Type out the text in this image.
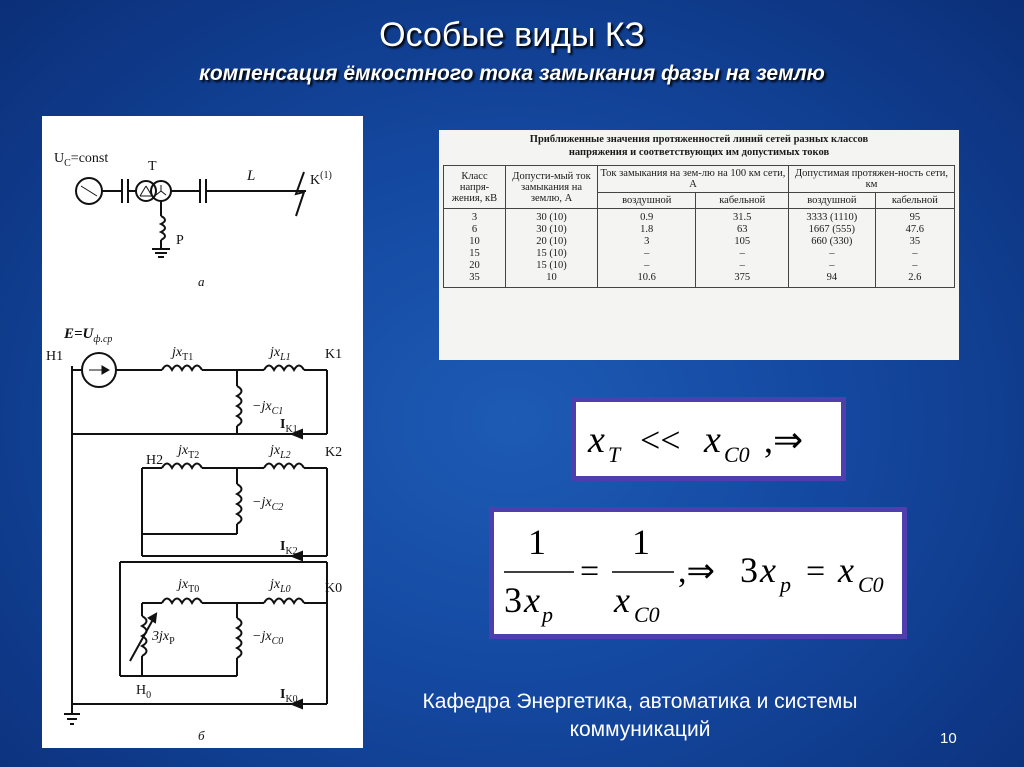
Особые виды КЗ
компенсация ёмкостного тока замыкания фазы на землю
$U_C=const$
T
L	$K^{(1)}$
P
а
$E=U_{ф.ср}$
H1	$jx_{T1}$	$jx_{L1}$ K1
$-jx_{C1}$
$I_{K1}$
H2
$jx_{T2}$	$jx_{L2}$ K2
$-jx_{C2}$
$I_{K2}$
$jx_{T0}$	$jx_{L0}$ K0
$3jx_P$	$-jx_{C0}$
$H_0$	$I_{K0}$
б
Приближенные значения протяженностей линий сетей разных классов
напряжения и соответствующих им допустимых токов
Класс напря-жения, кВ	Допусти-мый ток замыкания на землю, А	Ток замыкания на зем-лю на 100 км сети, А		Допустимая протяжен-ность сети, км	
		воздушной	кабельной	воздушной	кабельной
3	30 (10)	0.9	31.5	3333 (1110)	95
6	30 (10)	1.8	63	1667 (555)	47.6
10	20 (10)	3	105	660 (330)	35
15	15 (10)	–	–	–	–
20	15 (10)	–	–	–	–
35	10	10.6	375	94	2.6
x T << x C0 ,⇒
1
3 x p
=
1
x C0
,⇒ 3 x p = x C0
Кафедра Энергетика, автоматика и системы коммуникаций	10
